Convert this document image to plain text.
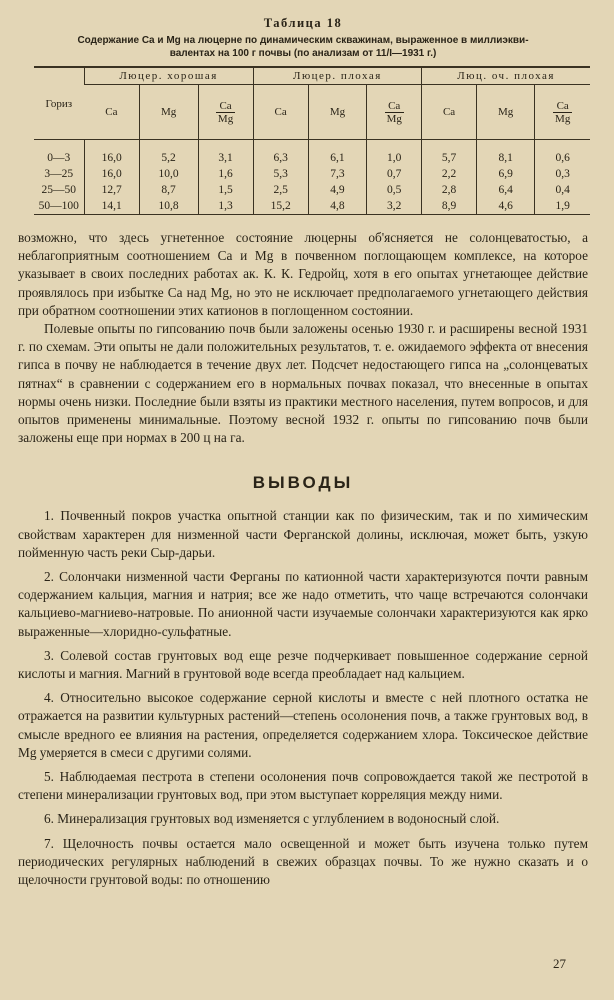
Таблица 18

Содержание Ca и Mg на люцерне по динамическим скважинам, выраженное в миллиэкви-
валентах на 100 г почвы (по анализам от 11/I—1931 г.)
Гориз	Люцер. хорошая			Люцер. плохая			Люц. оч. плохая		
	Ca	Mg	$\frac{Ca}{Mg}$	Ca	Mg	$\frac{Ca}{Mg}$	Ca	Mg	$\frac{Ca}{Mg}$

0—3	16,0	5,2	3,1	6,3	6,1	1,0	5,7	8,1	0,6
3—25	16,0	10,0	1,6	5,3	7,3	0,7	2,2	6,9	0,3
25—50	12,7	8,7	1,5	2,5	4,9	0,5	2,8	6,4	0,4
50—100	14,1	10,8	1,3	15,2	4,8	3,2	8,9	4,6	1,9

возможно, что здесь угнетенное состояние люцерны об'ясняется не солонцеватостью, а неблагоприятным соотношением Ca и Mg в почвенном поглощающем комплексе, на которое указывает в своих последних работах ак. К. К. Гедройц, хотя в его опытах угнетающее действие проявлялось при избытке Ca над Mg, но это не исключает предполагаемого угнетающего действия при обратном соотношении этих катионов в поглощенном состоянии.

Полевые опыты по гипсованию почв были заложены осенью 1930 г. и расширены весной 1931 г. по схемам. Эти опыты не дали положительных результатов, т. е. ожидаемого эффекта от внесения гипса в почву не наблюдается в течение двух лет. Подсчет недостающего гипса на „солонцеватых пятнах“ в сравнении с содержанием его в нормальных почвах показал, что внесенные в опытах нормы очень низки. Последние были взяты из практики местного населения, путем вопросов, и для опытов применены минимальные. Поэтому весной 1932 г. опыты по гипсованию почв были заложены еще при нормах в 200 ц на га.

ВЫВОДЫ

1. Почвенный покров участка опытной станции как по физическим, так и по химическим свойствам характерен для низменной части Ферганской долины, исключая, может быть, узкую пойменную часть реки Сыр-дарьи.

2. Солончаки низменной части Ферганы по катионной части характеризуются почти равным содержанием кальция, магния и натрия; все же надо отметить, что чаще встречаются солончаки кальциево-магниево-натровые. По анионной части изучаемые солончаки характеризуются как ярко выраженные—хлоридно-сульфатные.

3. Солевой состав грунтовых вод еще резче подчеркивает повышенное содержание серной кислоты и магния. Магний в грунтовой воде всегда преобладает над кальцием.

4. Относительно высокое содержание серной кислоты и вместе с ней плотного остатка не отражается на развитии культурных растений—степень осолонения почв, а также грунтовых вод, в смысле вредного ее влияния на растения, определяется содержанием хлора. Токсическое действие Mg умеряется в смеси с другими солями.

5. Наблюдаемая пестрота в степени осолонения почв сопровождается такой же пестротой в степени минерализации грунтовых вод, при этом выступает корреляция между ними.

6. Минерализация грунтовых вод изменяется с углублением в водоносный слой.

7. Щелочность почвы остается мало освещенной и может быть изучена только путем периодических регулярных наблюдений в свежих образцах почвы. То же нужно сказать и о щелочности грунтовой воды: по отношению

27
